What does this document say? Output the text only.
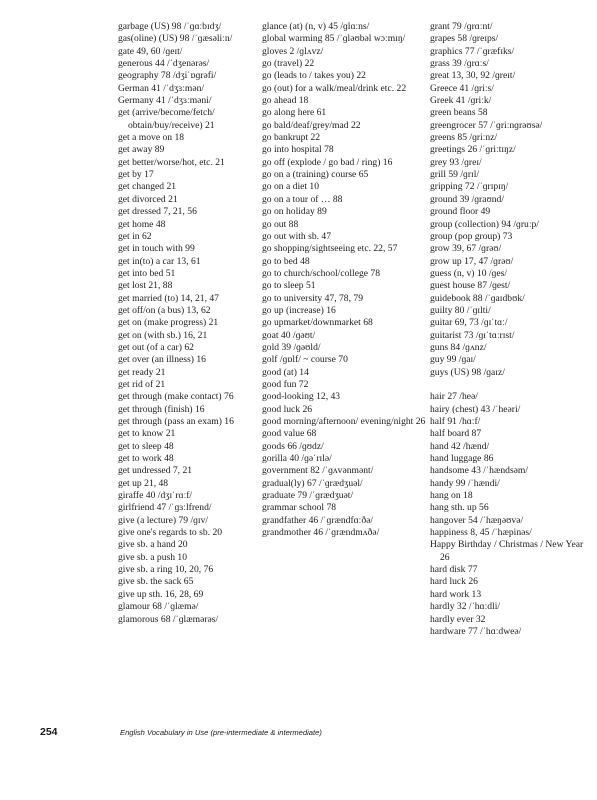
garbage (US) 98 /ˈɡɑːbɪdʒ/
gas(oline) (US) 98 /ˈɡæsəliːn/
gate 49, 60 /ɡeɪt/
generous 44 /ˈdʒenərəs/
geography 78 /dʒiˈɒɡrəfi/
German 41 /ˈdʒɜːmən/
Germany 41 /ˈdʒɜːməni/
get (arrive/become/fetch/ obtain/buy/receive) 21
get a move on 18
get away 89
get better/worse/hot, etc. 21
get by 17
get changed 21
get divorced 21
get dressed 7, 21, 56
get home 48
get in 62
get in touch with 99
get in(to) a car 13, 61
get into bed 51
get lost 21, 88
get married (to) 14, 21, 47
get off/on (a bus) 13, 62
get on (make progress) 21
get on (with sb.) 16, 21
get out (of a car) 62
get over (an illness) 16
get ready 21
get rid of 21
get through (make contact) 76
get through (finish) 16
get through (pass an exam) 16
get to know 21
get to sleep 48
get to work 48
get undressed 7, 21
get up 21, 48
giraffe 40 /dʒɪˈrɑːf/
girlfriend 47 /ˈɡɜːlfrend/
give (a lecture) 79 /ɡɪv/
give one's regards to sb. 20
give sb. a hand 20
give sb. a push 10
give sb. a ring 10, 20, 76
give sb. the sack 65
give up sth. 16, 28, 69
glamour 68 /ˈɡlæmə/
glamorous 68 /ˈɡlæmərəs/
glance (at) (n, v) 45 /ɡlɑːns/
global warming 85 /ˈɡləʊbəl wɔːmɪŋ/
gloves 2 /ɡlʌvz/
go (travel) 22
go (leads to / takes you) 22
go (out) for a walk/meal/drink etc. 22
go ahead 18
go along here 61
go bald/deaf/grey/mad 22
go bankrupt 22
go into hospital 78
go off (explode / go bad / ring) 16
go on a (training) course 65
go on a diet 10
go on a tour of … 88
go on holiday 89
go out 88
go out with sb. 47
go shopping/sightseeing etc. 22, 57
go to bed 48
go to church/school/college 78
go to sleep 51
go to university 47, 78, 79
go up (increase) 16
go upmarket/downmarket 68
goat 40 /ɡəʊt/
gold 39 /ɡəʊld/
golf /ɡɒlf/ ~ course 70
good (at) 14
good fun 72
good-looking 12, 43
good luck 26
good morning/afternoon/ evening/night 26
good value 68
goods 66 /ɡʊdz/
gorilla 40 /ɡəˈrɪlə/
government 82 /ˈɡʌvənmənt/
gradual(ly) 67 /ˈɡrædʒuəl/
graduate 79 /ˈɡrædʒuət/
grammar school 78
grandfather 46 /ˈɡrændfɑːðə/
grandmother 46 /ˈɡrændmʌðə/
grant 79 /ɡrɑːnt/
grapes 58 /ɡreɪps/
graphics 77 /ˈɡræfɪks/
grass 39 /ɡrɑːs/
great 13, 30, 92 /ɡreɪt/
Greece 41 /ɡriːs/
Greek 41 /ɡriːk/
green beans 58
greengrocer 57 /ˈɡriːnɡrəʊsə/
greens 85 /ɡriːnz/
greetings 26 /ˈɡriːtɪŋz/
grey 93 /ɡreɪ/
grill 59 /ɡrɪl/
gripping 72 /ˈɡrɪpɪŋ/
ground 39 /ɡraʊnd/
ground floor 49
group (collection) 94 /ɡruːp/
group (pop group) 73
grow 39, 67 /ɡrəʊ/
grow up 17, 47 /ɡrəʊ/
guess (n, v) 10 /ɡes/
guest house 87 /ɡest/
guidebook 88 /ˈɡaɪdbʊk/
guilty 80 /ˈɡɪlti/
guitar 69, 73 /ɡɪˈtɑː/
guitarist 73 /ɡɪˈtɑːrɪst/
guns 84 /ɡʌnz/
guy 99 /ɡaɪ/
guys (US) 98 /ɡaɪz/
hair 27 /heə/
hairy (chest) 43 /ˈheəri/
half 91 /hɑːf/
half board 87
hand 42 /hænd/
hand luggage 86
handsome 43 /ˈhændsəm/
handy 99 /ˈhændi/
hang on 18
hang sth. up 56
hangover 54 /ˈhæŋəʊvə/
happiness 8, 45 /ˈhæpinəs/
Happy Birthday / Christmas / New Year 26
hard disk 77
hard luck 26
hard work 13
hardly 32 /ˈhɑːdli/
hardly ever 32
hardware 77 /ˈhɑːdweə/
254	English Vocabulary in Use (pre-intermediate & intermediate)
